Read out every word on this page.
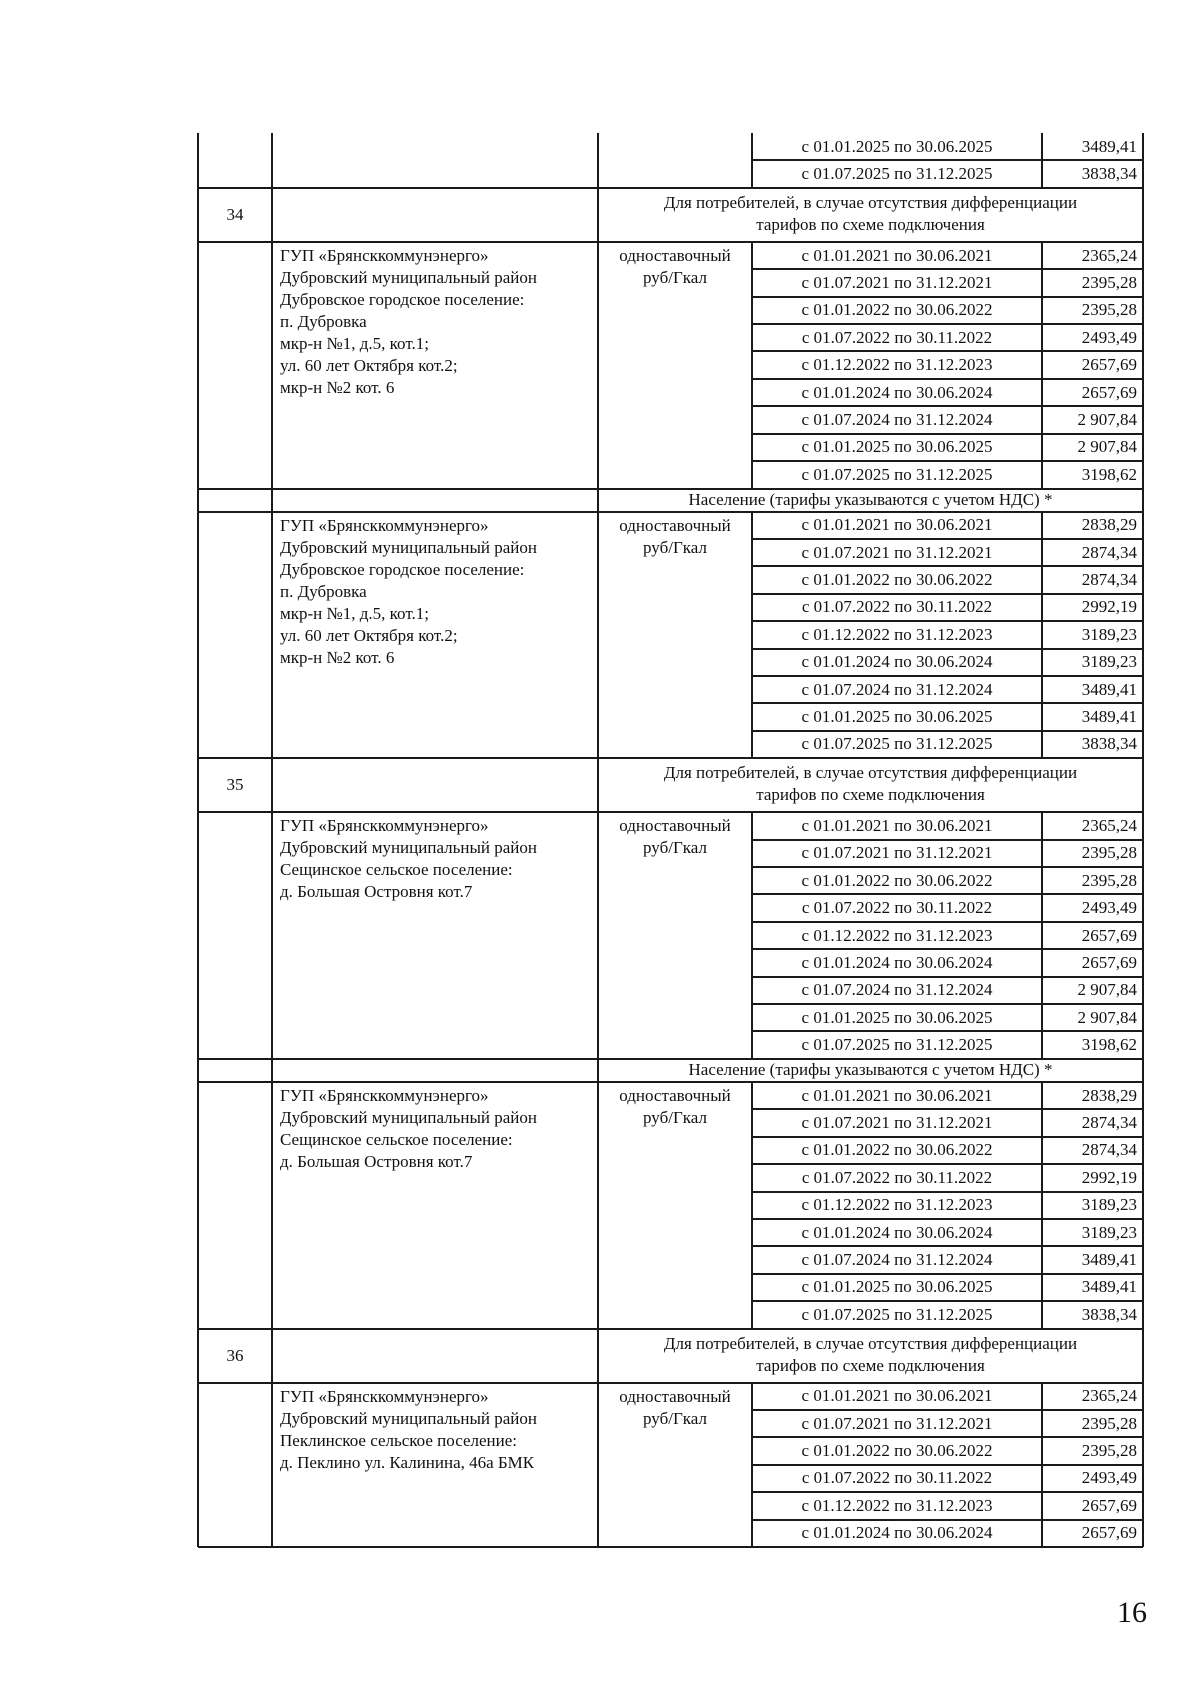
с 01.01.2025 по 30.06.2025	3489,41
с 01.07.2025 по 31.12.2025	3838,34
34
Для потребителей, в случае отсутствия дифференциации
тарифов по схеме подключения
ГУП «Брянсккоммунэнерго»
Дубровский муниципальный район
Дубровское городское поселение:
п. Дубровка
мкр-н №1, д.5, кот.1;
ул. 60 лет Октября кот.2;
мкр-н №2 кот. 6
одноставочный
руб/Гкал
с 01.01.2021 по 30.06.2021	2365,24
с 01.07.2021 по 31.12.2021	2395,28
с 01.01.2022 по 30.06.2022	2395,28
с 01.07.2022 по 30.11.2022	2493,49
с 01.12.2022 по 31.12.2023	2657,69
с 01.01.2024 по 30.06.2024	2657,69
с 01.07.2024 по 31.12.2024	2 907,84
с 01.01.2025 по 30.06.2025	2 907,84
с 01.07.2025 по 31.12.2025	3198,62
Население (тарифы указываются с учетом НДС) *
ГУП «Брянсккоммунэнерго»
Дубровский муниципальный район
Дубровское городское поселение:
п. Дубровка
мкр-н №1, д.5, кот.1;
ул. 60 лет Октября кот.2;
мкр-н №2 кот. 6
одноставочный
руб/Гкал
с 01.01.2021 по 30.06.2021	2838,29
с 01.07.2021 по 31.12.2021	2874,34
с 01.01.2022 по 30.06.2022	2874,34
с 01.07.2022 по 30.11.2022	2992,19
с 01.12.2022 по 31.12.2023	3189,23
с 01.01.2024 по 30.06.2024	3189,23
с 01.07.2024 по 31.12.2024	3489,41
с 01.01.2025 по 30.06.2025	3489,41
с 01.07.2025 по 31.12.2025	3838,34
35
Для потребителей, в случае отсутствия дифференциации
тарифов по схеме подключения
ГУП «Брянсккоммунэнерго»
Дубровский муниципальный район
Сещинское сельское поселение:
д. Большая Островня кот.7
одноставочный
руб/Гкал
с 01.01.2021 по 30.06.2021	2365,24
с 01.07.2021 по 31.12.2021	2395,28
с 01.01.2022 по 30.06.2022	2395,28
с 01.07.2022 по 30.11.2022	2493,49
с 01.12.2022 по 31.12.2023	2657,69
с 01.01.2024 по 30.06.2024	2657,69
с 01.07.2024 по 31.12.2024	2 907,84
с 01.01.2025 по 30.06.2025	2 907,84
с 01.07.2025 по 31.12.2025	3198,62
Население (тарифы указываются с учетом НДС) *
ГУП «Брянсккоммунэнерго»
Дубровский муниципальный район
Сещинское сельское поселение:
д. Большая Островня кот.7
одноставочный
руб/Гкал
с 01.01.2021 по 30.06.2021	2838,29
с 01.07.2021 по 31.12.2021	2874,34
с 01.01.2022 по 30.06.2022	2874,34
с 01.07.2022 по 30.11.2022	2992,19
с 01.12.2022 по 31.12.2023	3189,23
с 01.01.2024 по 30.06.2024	3189,23
с 01.07.2024 по 31.12.2024	3489,41
с 01.01.2025 по 30.06.2025	3489,41
с 01.07.2025 по 31.12.2025	3838,34
36
Для потребителей, в случае отсутствия дифференциации
тарифов по схеме подключения
ГУП «Брянсккоммунэнерго»
Дубровский муниципальный район
Пеклинское сельское поселение:
д. Пеклино ул. Калинина, 46а БМК
одноставочный
руб/Гкал
с 01.01.2021 по 30.06.2021	2365,24
с 01.07.2021 по 31.12.2021	2395,28
с 01.01.2022 по 30.06.2022	2395,28
с 01.07.2022 по 30.11.2022	2493,49
с 01.12.2022 по 31.12.2023	2657,69
с 01.01.2024 по 30.06.2024	2657,69
16
